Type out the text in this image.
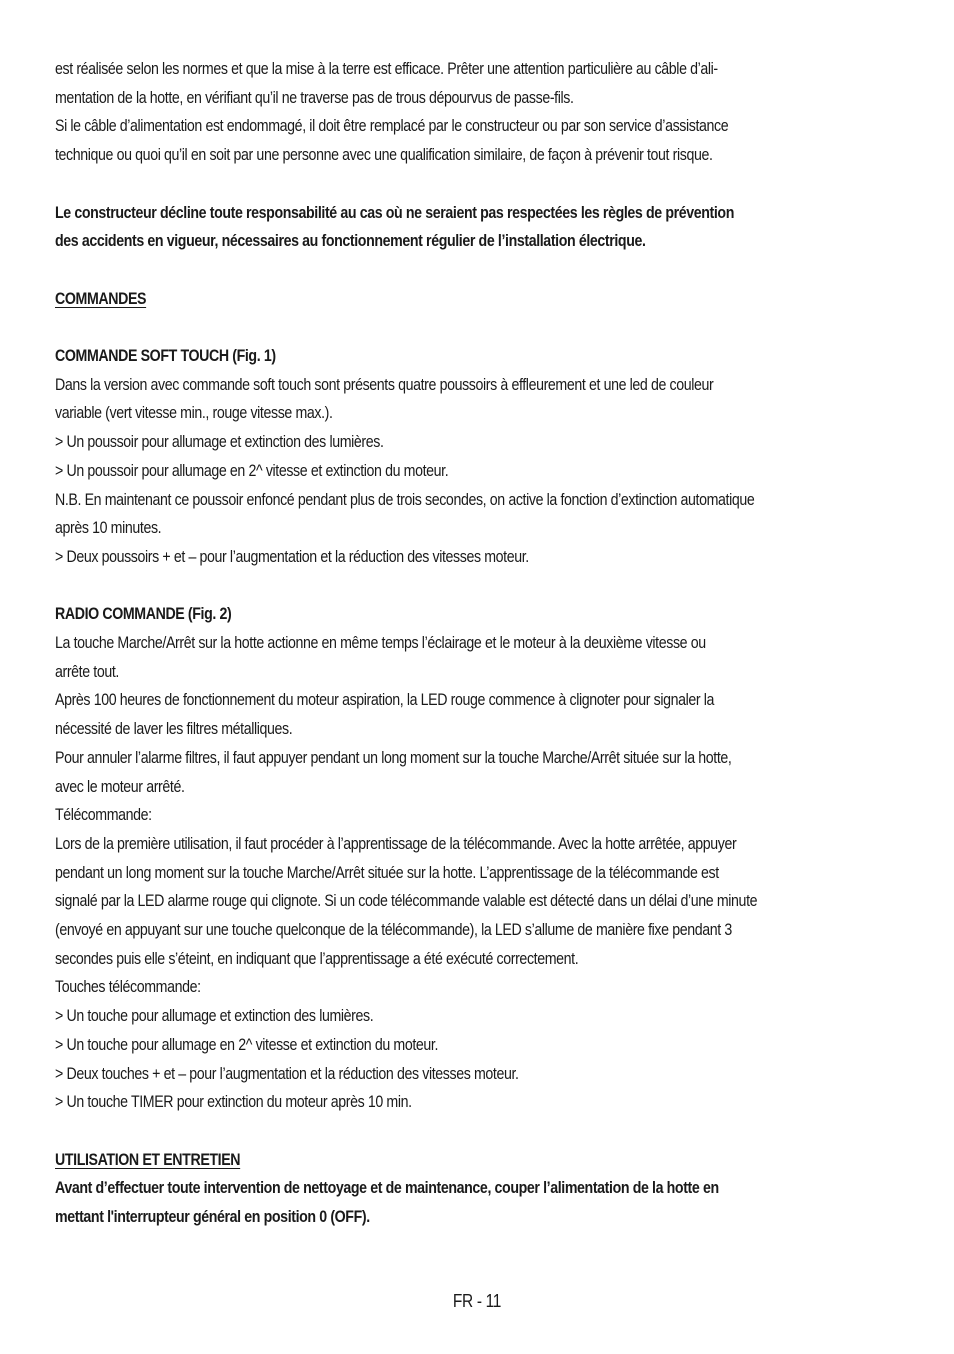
est réalisée selon les normes et que la mise à la terre est efficace. Prêter une attention particulière au câble d’ali-

mentation de la hotte, en vérifiant qu’il ne traverse pas de trous dépourvus de passe-fils.

Si le câble d’alimentation est endommagé, il doit être remplacé par le constructeur ou par son service d’assistance

technique ou quoi qu’il en soit par une personne avec une qualification similaire, de façon à prévenir tout risque.

Le constructeur décline toute responsabilité au cas où ne seraient pas respectées les règles de prévention

des accidents en vigueur, nécessaires au fonctionnement régulier de l’installation électrique.

COMMANDES

COMMANDE SOFT TOUCH (Fig. 1)

Dans la version avec commande soft touch sont présents quatre poussoirs à effleurement et une led de couleur

variable (vert vitesse min., rouge vitesse max.).

> Un poussoir pour allumage et extinction des lumières.

> Un poussoir pour allumage en 2^ vitesse et extinction du moteur.

N.B. En maintenant ce poussoir enfoncé pendant plus de trois secondes, on active la fonction d’extinction automatique

après 10 minutes.

> Deux poussoirs + et – pour l’augmentation et la réduction des vitesses moteur.

RADIO COMMANDE (Fig. 2)

La touche Marche/Arrêt sur la hotte actionne en même temps l’éclairage et le moteur à la deuxième vitesse ou

arrête tout.

Après 100 heures de fonctionnement du moteur aspiration, la LED rouge commence à clignoter pour signaler la

nécessité de laver les filtres métalliques.

Pour annuler l’alarme filtres, il faut appuyer pendant un long moment sur la touche Marche/Arrêt située sur la hotte,

avec le moteur arrêté.

Télécommande:

Lors de la première utilisation, il faut procéder à l’apprentissage de la télécommande. Avec la hotte arrêtée, appuyer

pendant un long moment sur la touche Marche/Arrêt située sur la hotte. L’apprentissage de la télécommande est

signalé par la LED alarme rouge qui clignote. Si un code télécommande valable est détecté dans un délai d’une minute

(envoyé en appuyant sur une touche quelconque de la télécommande), la LED s’allume de manière fixe pendant 3

secondes puis elle s’éteint, en indiquant que l’apprentissage a été exécuté correctement.

Touches télécommande:

> Un touche pour allumage et extinction des lumières.

> Un touche pour allumage en 2^ vitesse et extinction du moteur.

> Deux touches + et – pour l’augmentation et la réduction des vitesses moteur.

> Un touche TIMER pour extinction du moteur après 10 min.

UTILISATION ET ENTRETIEN

Avant d’effectuer toute intervention de nettoyage et de maintenance, couper l’alimentation de la hotte en

mettant l'interrupteur général en position 0 (OFF).

FR - 11
